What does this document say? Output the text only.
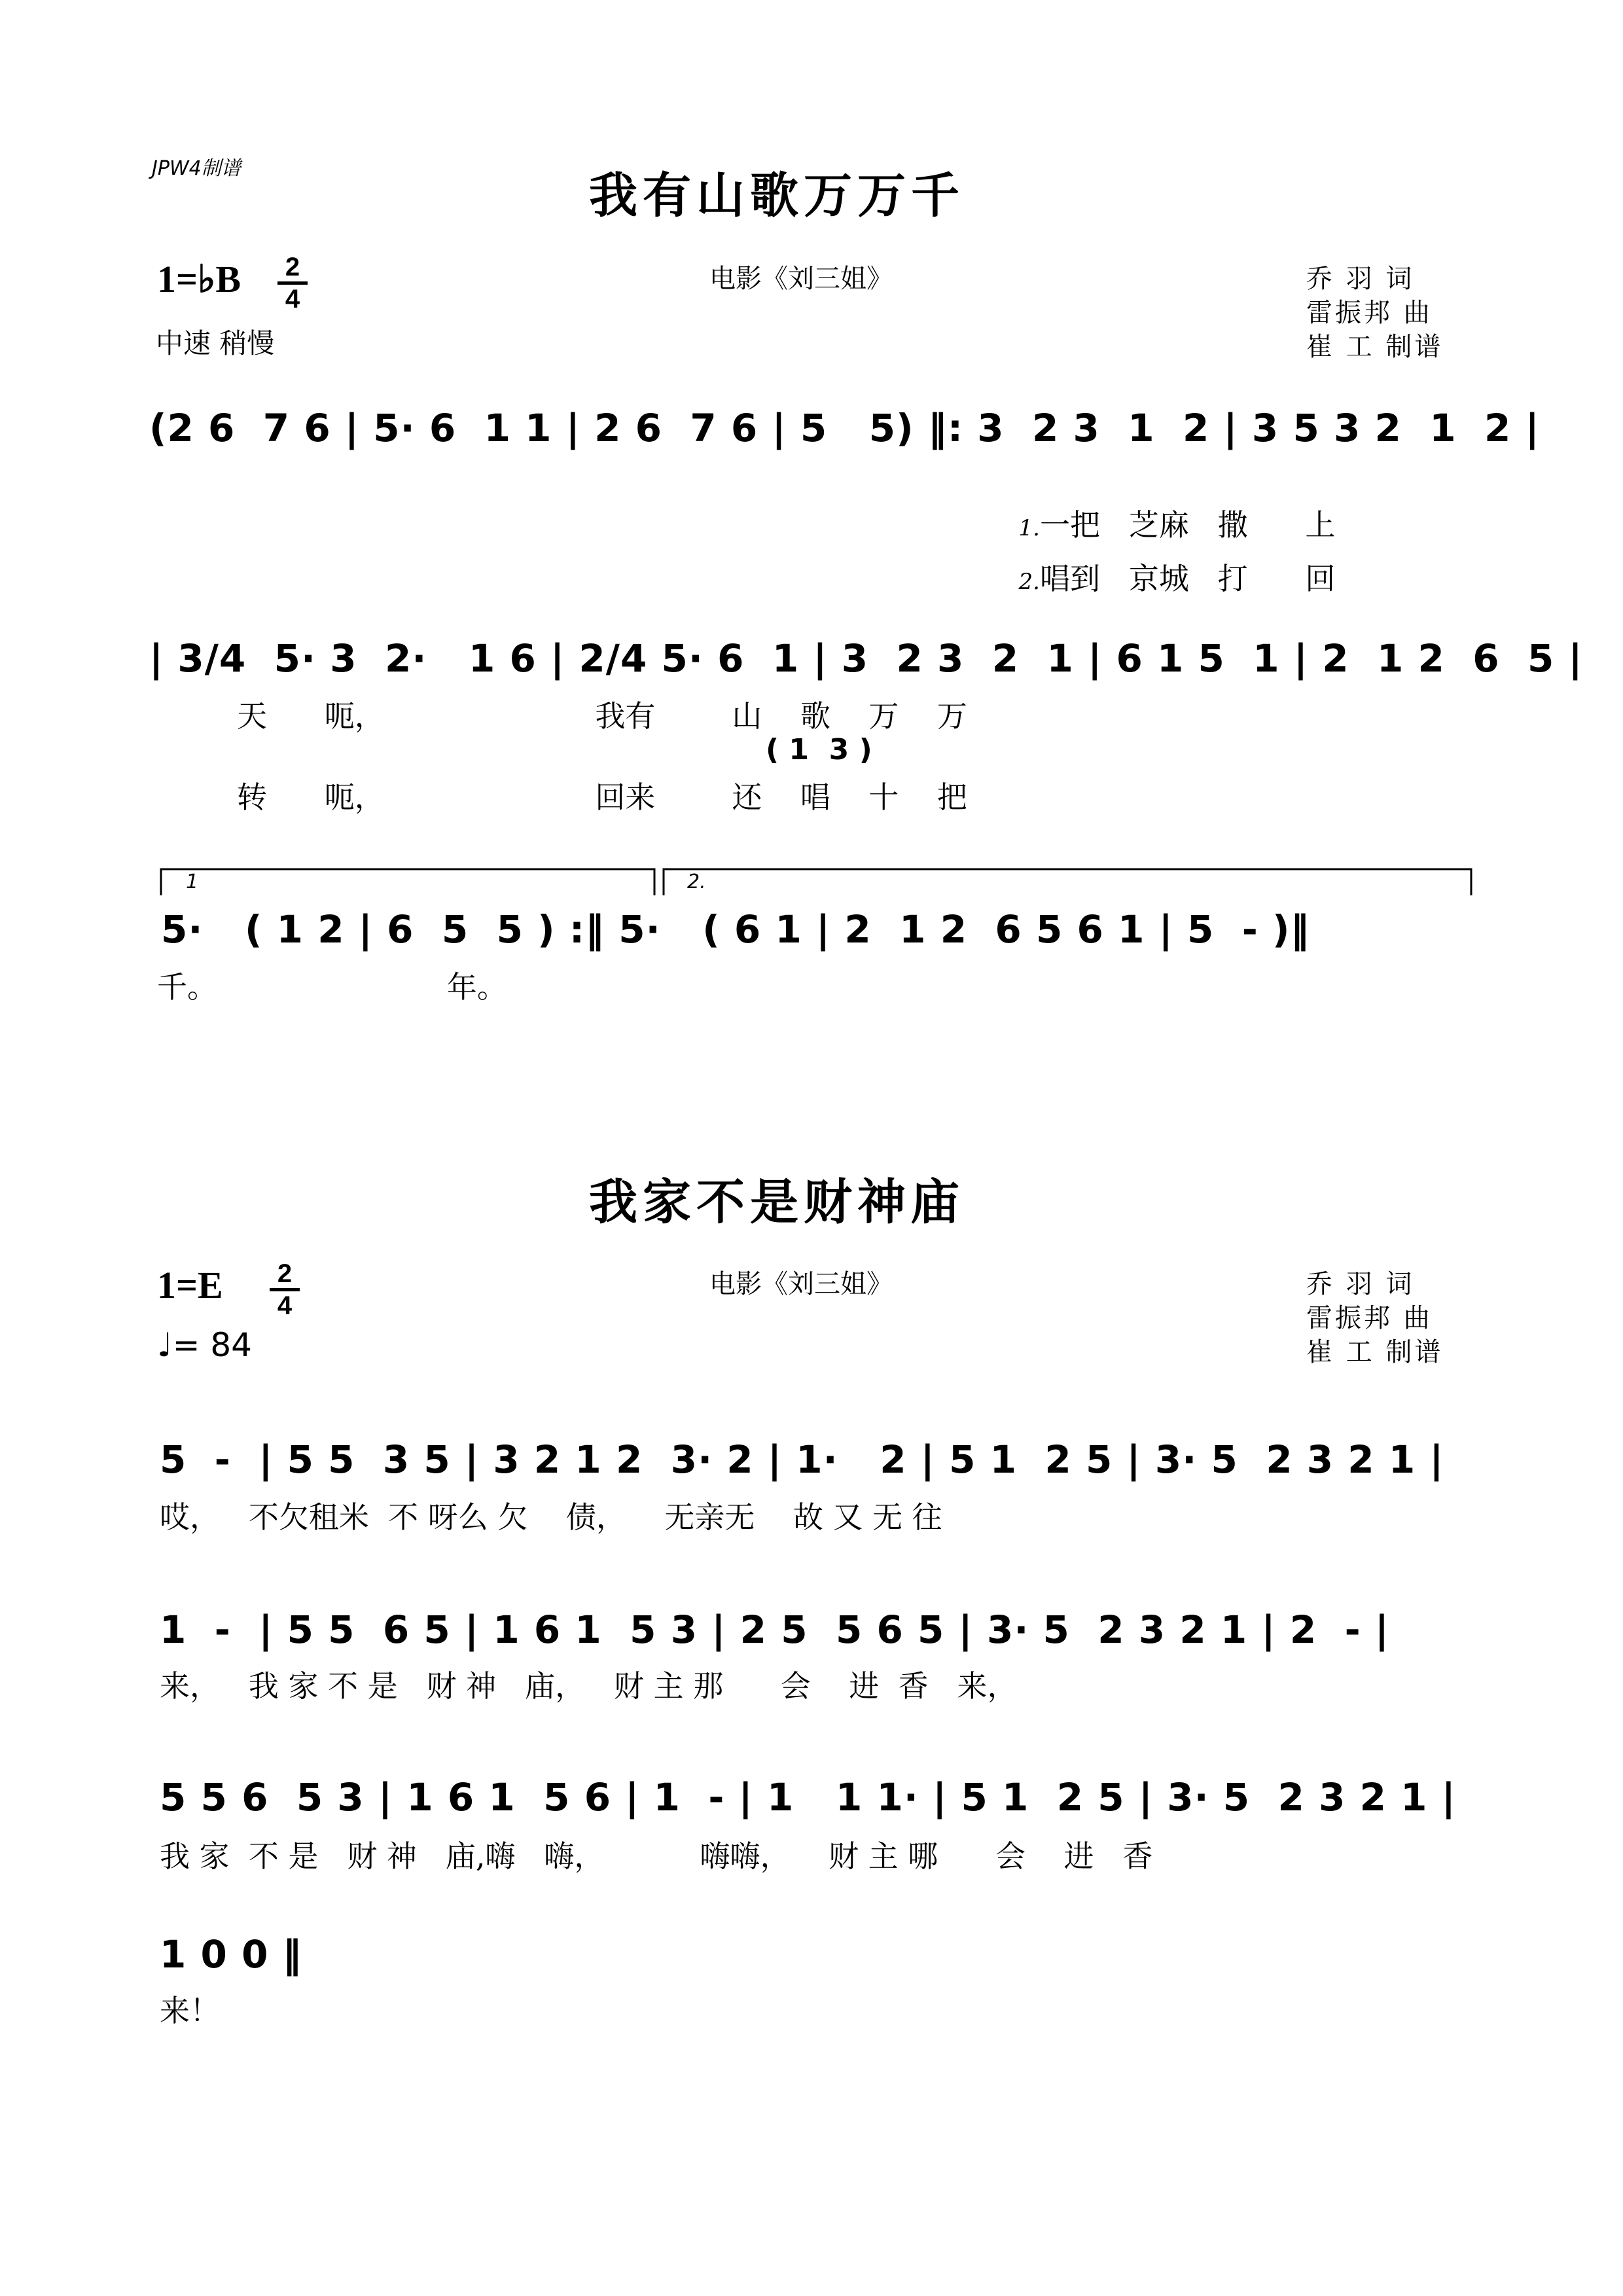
JPW4制谱	我有山歌万万千
1=♭B 2
4
中速 稍慢
电影《刘三姐》	乔 羽 词
雷振邦 曲
崔 工 制谱
(2 6  7 6 | 5· 6  1 1 | 2 6  7 6 | 5   5) ‖: 3  2 3  1  2 | 3 5 3 2  1  2 |

1.一把   芝麻   撒      上

2.唱到   京城   打      回

| 3/4  5· 3  2·   1 6 | 2/4 5· 6  1 | 3  2 3  2  1 | 6 1 5  1 | 2  1 2  6  5 |
天      呃，                      我有        山    歌    万    万
( 1  3 )
转      呃，                      回来        还    唱    十    把
1	2.
5·   ( 1 2 | 6  5  5 ) :‖ 5·   ( 6 1 | 2  1 2  6 5 6 1 | 5  - )‖
千。                        年。
我家不是财神庙
1=E 2
4
♩= 84
电影《刘三姐》	乔 羽 词
雷振邦 曲
崔 工 制谱
5  -  | 5 5  3 5 | 3 2 1 2  3· 2 | 1·   2 | 5 1  2 5 | 3· 5  2 3 2 1 |
哎，   不欠租米  不 呀么 欠    债，    无亲无    故 又 无 往
1  -  | 5 5  6 5 | 1 6 1  5 3 | 2 5  5 6 5 | 3· 5  2 3 2 1 | 2  - |
来，   我 家 不 是   财 神   庙，   财 主 那      会    进  香   来，
5 5 6  5 3 | 1 6 1  5 6 | 1  - | 1   1 1· | 5 1  2 5 | 3· 5  2 3 2 1 |
我 家  不 是   财 神   庙,嗨   嗨，          嗨嗨，    财 主 哪      会    进   香
1 0 0 ‖
来！
